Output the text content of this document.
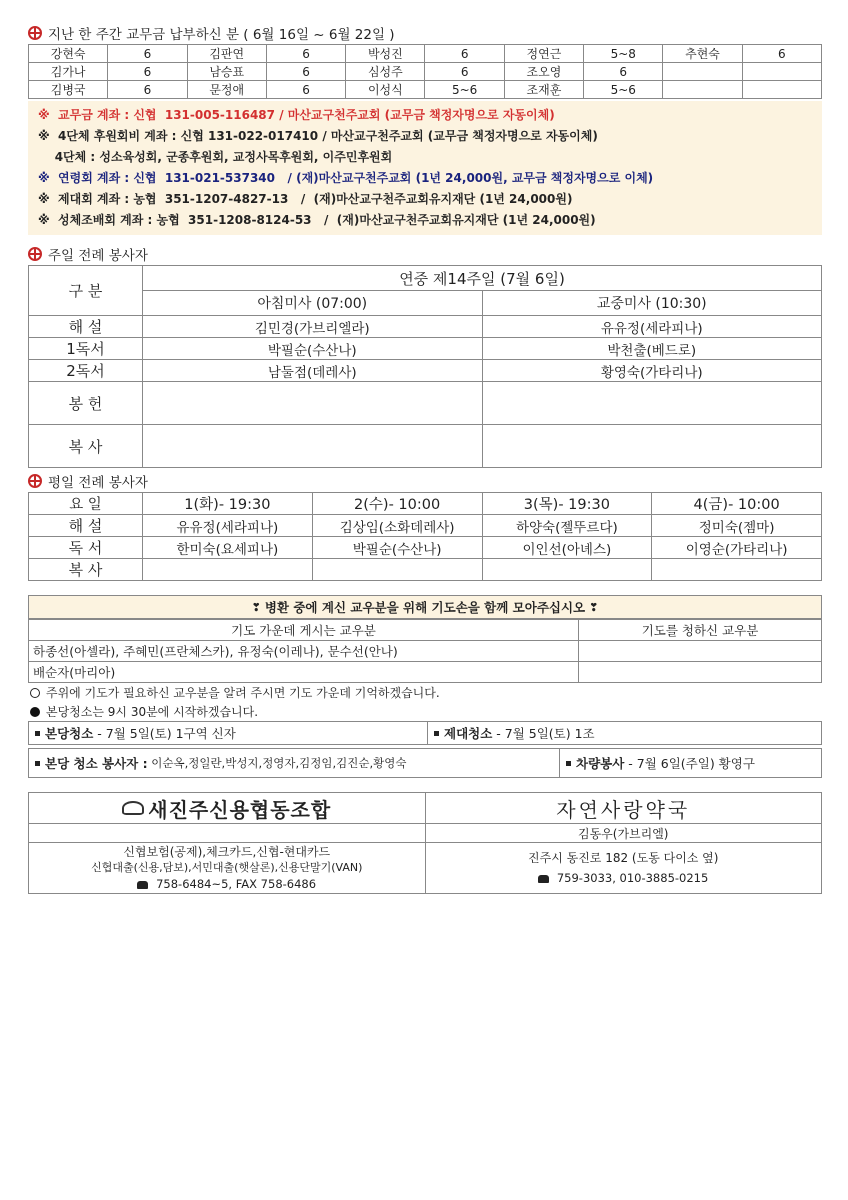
지난 한 주간 교무금 납부하신 분 ( 6월 16일 ~ 6월 22일 )
강현숙	6	김판연	6	박성진	6	정연근	5~8	추현숙	6
김가나	6	남승표	6	심성주	6	조오영	6		
김병국	6	문정애	6	이성식	5~6	조재훈	5~6		
※  교무금 계좌 : 신협  131-005-116487 / 마산교구천주교회 (교무금 책정자명으로 자동이체)
※  4단체 후원회비 계좌 : 신협 131-022-017410 / 마산교구천주교회 (교무금 책정자명으로 자동이체)
4단체 : 성소육성회, 군종후원회, 교정사목후원회, 이주민후원회
※  연령회 계좌 : 신협  131-021-537340   / (재)마산교구천주교회 (1년 24,000원, 교무금 책정자명으로 이체)
※  제대회 계좌 : 농협  351-1207-4827-13   /  (재)마산교구천주교회유지재단 (1년 24,000원)
※  성체조배회 계좌 : 농협  351-1208-8124-53   /  (재)마산교구천주교회유지재단 (1년 24,000원)
주일 전례 봉사자
구 분	연중 제14주일 (7월 6일)	
	아침미사 (07:00)	교중미사 (10:30)
해 설	김민경(가브리엘라)	유유정(세라피나)
1독서	박필순(수산나)	박천출(베드로)
2독서	남둘점(데레사)	황영숙(가타리나)
봉 헌		
복 사		
평일 전례 봉사자
요 일	1(화)- 19:30	2(수)- 10:00	3(목)- 19:30	4(금)- 10:00
해 설	유유정(세라피나)	김상임(소화데레사)	하양숙(젤뚜르다)	정미숙(젬마)
독 서	한미숙(요세피나)	박필순(수산나)	이인선(아녜스)	이영순(가타리나)
복 사				
❣ 병환 중에 계신 교우분을 위해 기도손을 함께 모아주십시오 ❣
기도 가운데 게시는 교우분	기도를 청하신 교우분
하종선(아셀라), 주혜민(프란체스카), 유정숙(이레나), 문수선(안나)	
배순자(마리아)	
주위에 기도가 필요하신 교우분을 알려 주시면 기도 가운데 기억하겠습니다.
본당청소는 9시 30분에 시작하겠습니다.
본당청소 - 7월 5일(토) 1구역 신자	제대청소 - 7월 5일(토) 1조
본당 청소 봉사자 : 이순옥,정일란,박성지,정영자,김정임,김진순,황영숙	차량봉사 - 7월 6일(주일) 황영구
새진주신용협동조합
신협보험(공제),체크카드,신협-현대카드
신협대출(신용,담보),서민대출(햇살론),신용단말기(VAN)
758-6484~5, FAX 758-6486
자연사랑약국
김동우(가브리엘)
진주시 동진로 182 (도동 다이소 옆)
759-3033, 010-3885-0215
